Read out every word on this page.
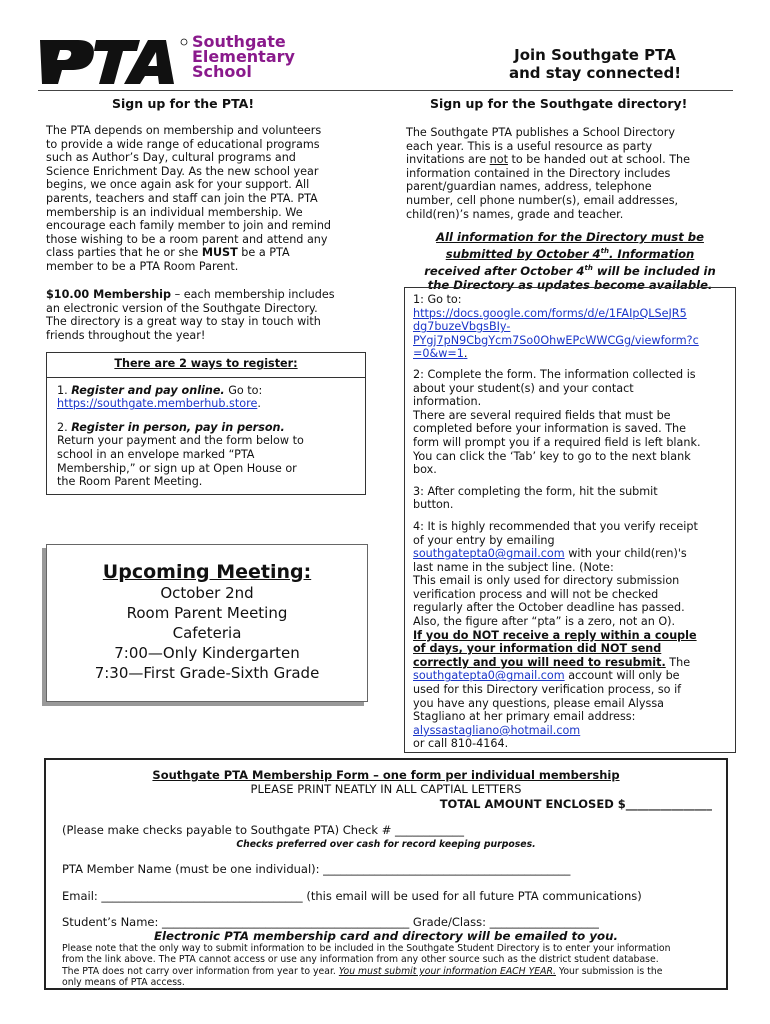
Southgate
Elementary
School
Join Southgate PTA
and stay connected!
Sign up for the PTA!
The PTA depends on membership and volunteers
to provide a wide range of educational programs
such as Author’s Day, cultural programs and
Science Enrichment Day. As the new school year
begins, we once again ask for your support. All
parents, teachers and staff can join the PTA. PTA
membership is an individual membership. We
encourage each family member to join and remind
those wishing to be a room parent and attend any
class parties that he or she MUST be a PTA
member to be a PTA Room Parent.
$10.00 Membership – each membership includes
an electronic version of the Southgate Directory.
The directory is a great way to stay in touch with
friends throughout the year!
There are 2 ways to register:
1. Register and pay online. Go to:
https://southgate.memberhub.store.
2. Register in person, pay in person.
Return your payment and the form below to
school in an envelope marked “PTA
Membership,” or sign up at Open House or
the Room Parent Meeting.
Upcoming Meeting:
October 2nd
Room Parent Meeting
Cafeteria
7:00—Only Kindergarten
7:30—First Grade-Sixth Grade
Sign up for the Southgate directory!
The Southgate PTA publishes a School Directory
each year. This is a useful resource as party
invitations are not to be handed out at school. The
information contained in the Directory includes
parent/guardian names, address, telephone
number, cell phone number(s), email addresses,
child(ren)’s names, grade and teacher.
All information for the Directory must be
submitted by October 4th. Information
received after October 4th will be included in
the Directory as updates become available.
1: Go to:
https://docs.google.com/forms/d/e/1FAIpQLSeJR5
dg7buzeVbgsBIy-
PYgj7pN9CbgYcm7So0OhwEPcWWCGg/viewform?c
=0&w=1.
2: Complete the form. The information collected is
about your student(s) and your contact
information.
There are several required fields that must be
completed before your information is saved. The
form will prompt you if a required field is left blank.
You can click the ‘Tab’ key to go to the next blank
box.
3: After completing the form, hit the submit
button.
4: It is highly recommended that you verify receipt
of your entry by emailing
southgatepta0@gmail.com with your child(ren)'s
last name in the subject line. (Note:
This email is only used for directory submission
verification process and will not be checked
regularly after the October deadline has passed.
Also, the figure after “pta” is a zero, not an O).
If you do NOT receive a reply within a couple
of days, your information did NOT send
correctly and you will need to resubmit. The
southgatepta0@gmail.com account will only be
used for this Directory verification process, so if
you have any questions, please email Alyssa
Stagliano at her primary email address:
alyssastagliano@hotmail.com
or call 810-4164.
Southgate PTA Membership Form – one form per individual membership
PLEASE PRINT NEATLY IN ALL CAPTIAL LETTERS
TOTAL AMOUNT ENCLOSED $_______________
(Please make checks payable to Southgate PTA) Check # ____________
Checks preferred over cash for record keeping purposes.
PTA Member Name (must be one individual): ___________________________________________
Email: ___________________________________ (this email will be used for all future PTA communications)
Student’s Name: ___________________________________________ Grade/Class: ___________________
Electronic PTA membership card and directory will be emailed to you.
Please note that the only way to submit information to be included in the Southgate Student Directory is to enter your information
from the link above. The PTA cannot access or use any information from any other source such as the district student database.
The PTA does not carry over information from year to year. You must submit your information EACH YEAR. Your submission is the
only means of PTA access.
